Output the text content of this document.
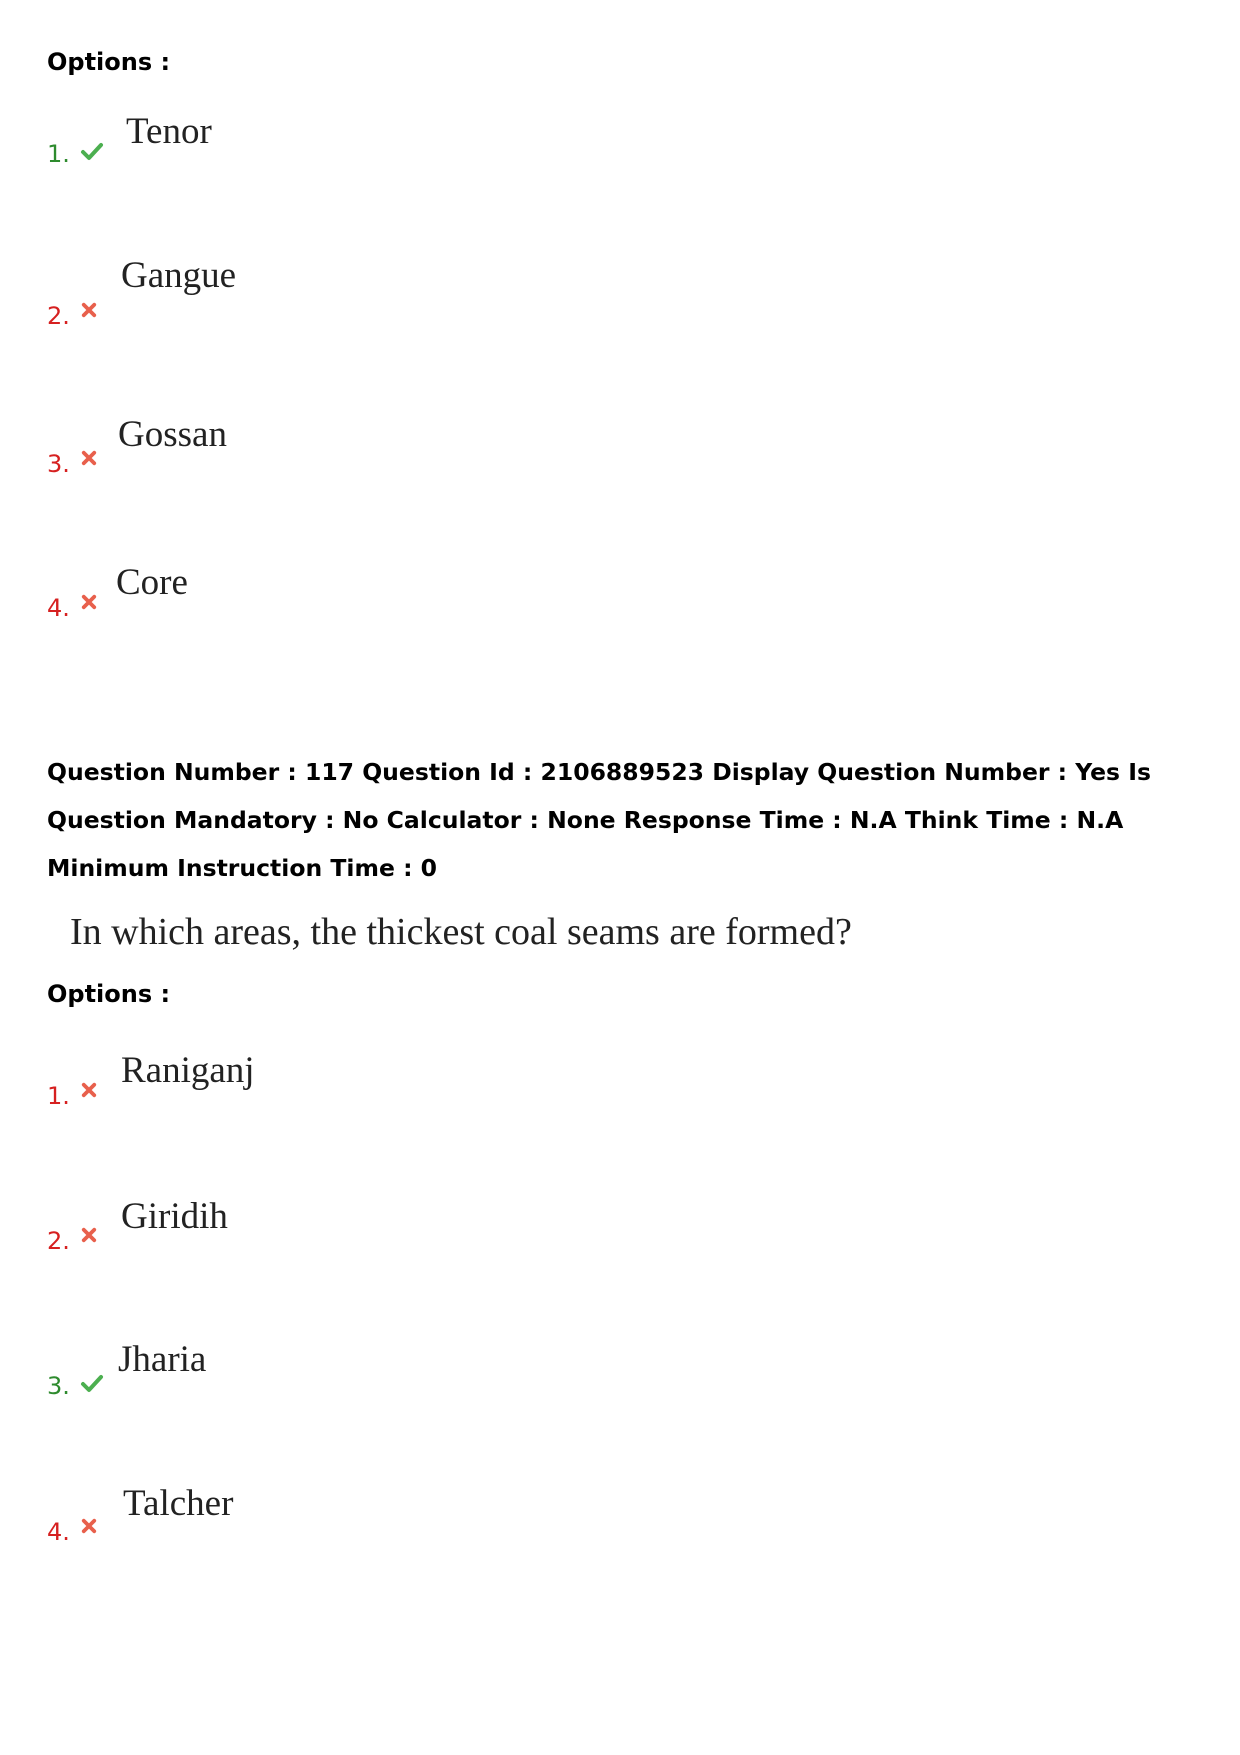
Options :
1.
Tenor
2.
Gangue
3.
Gossan
4.
Core
Question Number : 117 Question Id : 2106889523 Display Question Number : Yes Is Question Mandatory : No Calculator : None Response Time : N.A Think Time : N.A Minimum Instruction Time : 0
In which areas, the thickest coal seams are formed?
Options :
1.
Raniganj
2.
Giridih
3.
Jharia
4.
Talcher
